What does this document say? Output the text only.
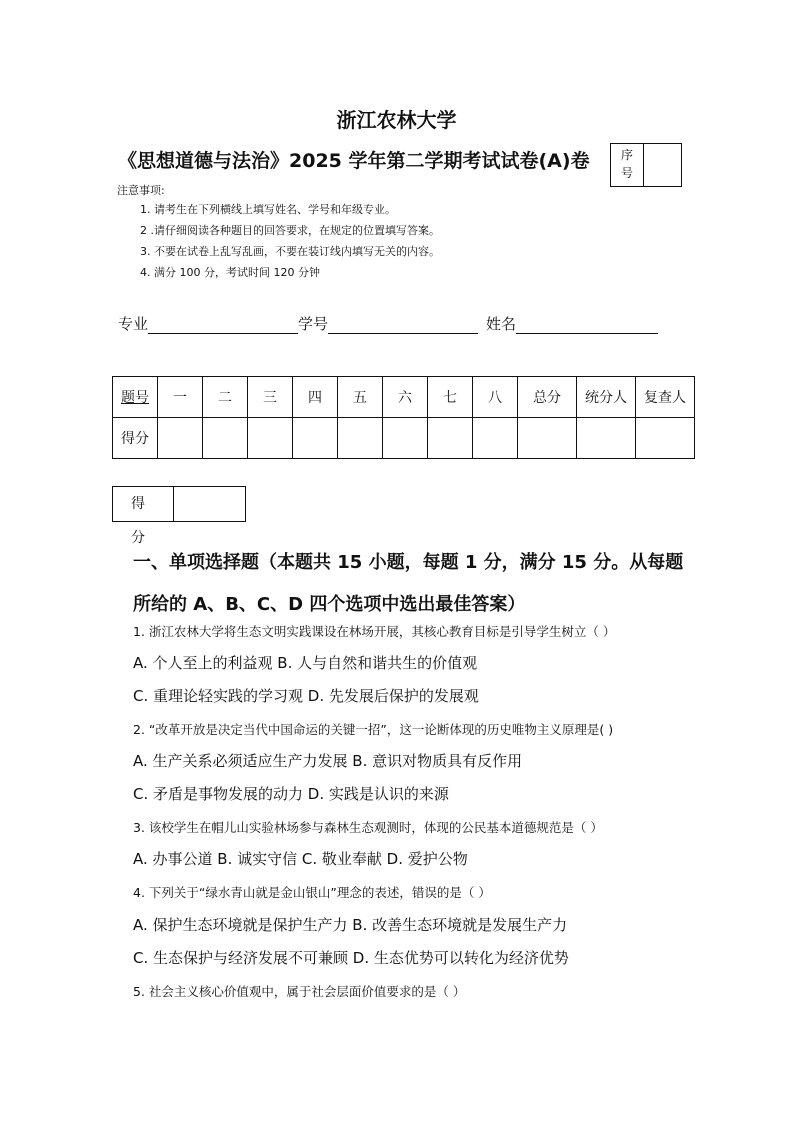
浙江农林大学
《思想道德与法治》2025 学年第二学期考试试卷(A)卷	序
号
注意事项:
1. 请考生在下列横线上填写姓名、学号和年级专业。
2 .请仔细阅读各种题目的回答要求，在规定的位置填写答案。
3. 不要在试卷上乱写乱画，不要在装订线内填写无关的内容。
4. 满分 100 分，考试时间 120 分钟
专业	学号	姓名
题号	一	二	三	四	五	六	七	八	总分	统分人	复查人
得分											
得 分
一、单项选择题（本题共 15 小题，每题 1 分，满分 15 分。从每题所给的 A、B、C、D 四个选项中选出最佳答案）
1. 浙江农林大学将生态文明实践课设在林场开展，其核心教育目标是引导学生树立（ ）
A. 个人至上的利益观 B. 人与自然和谐共生的价值观
C. 重理论轻实践的学习观 D. 先发展后保护的发展观
2. “改革开放是决定当代中国命运的关键一招”，这一论断体现的历史唯物主义原理是( )
A. 生产关系必须适应生产力发展 B. 意识对物质具有反作用
C. 矛盾是事物发展的动力 D. 实践是认识的来源
3. 该校学生在帽儿山实验林场参与森林生态观测时，体现的公民基本道德规范是（ ）
A. 办事公道 B. 诚实守信 C. 敬业奉献 D. 爱护公物
4. 下列关于“绿水青山就是金山银山”理念的表述，错误的是（ ）
A. 保护生态环境就是保护生产力 B. 改善生态环境就是发展生产力
C. 生态保护与经济发展不可兼顾 D. 生态优势可以转化为经济优势
5. 社会主义核心价值观中，属于社会层面价值要求的是（ ）
